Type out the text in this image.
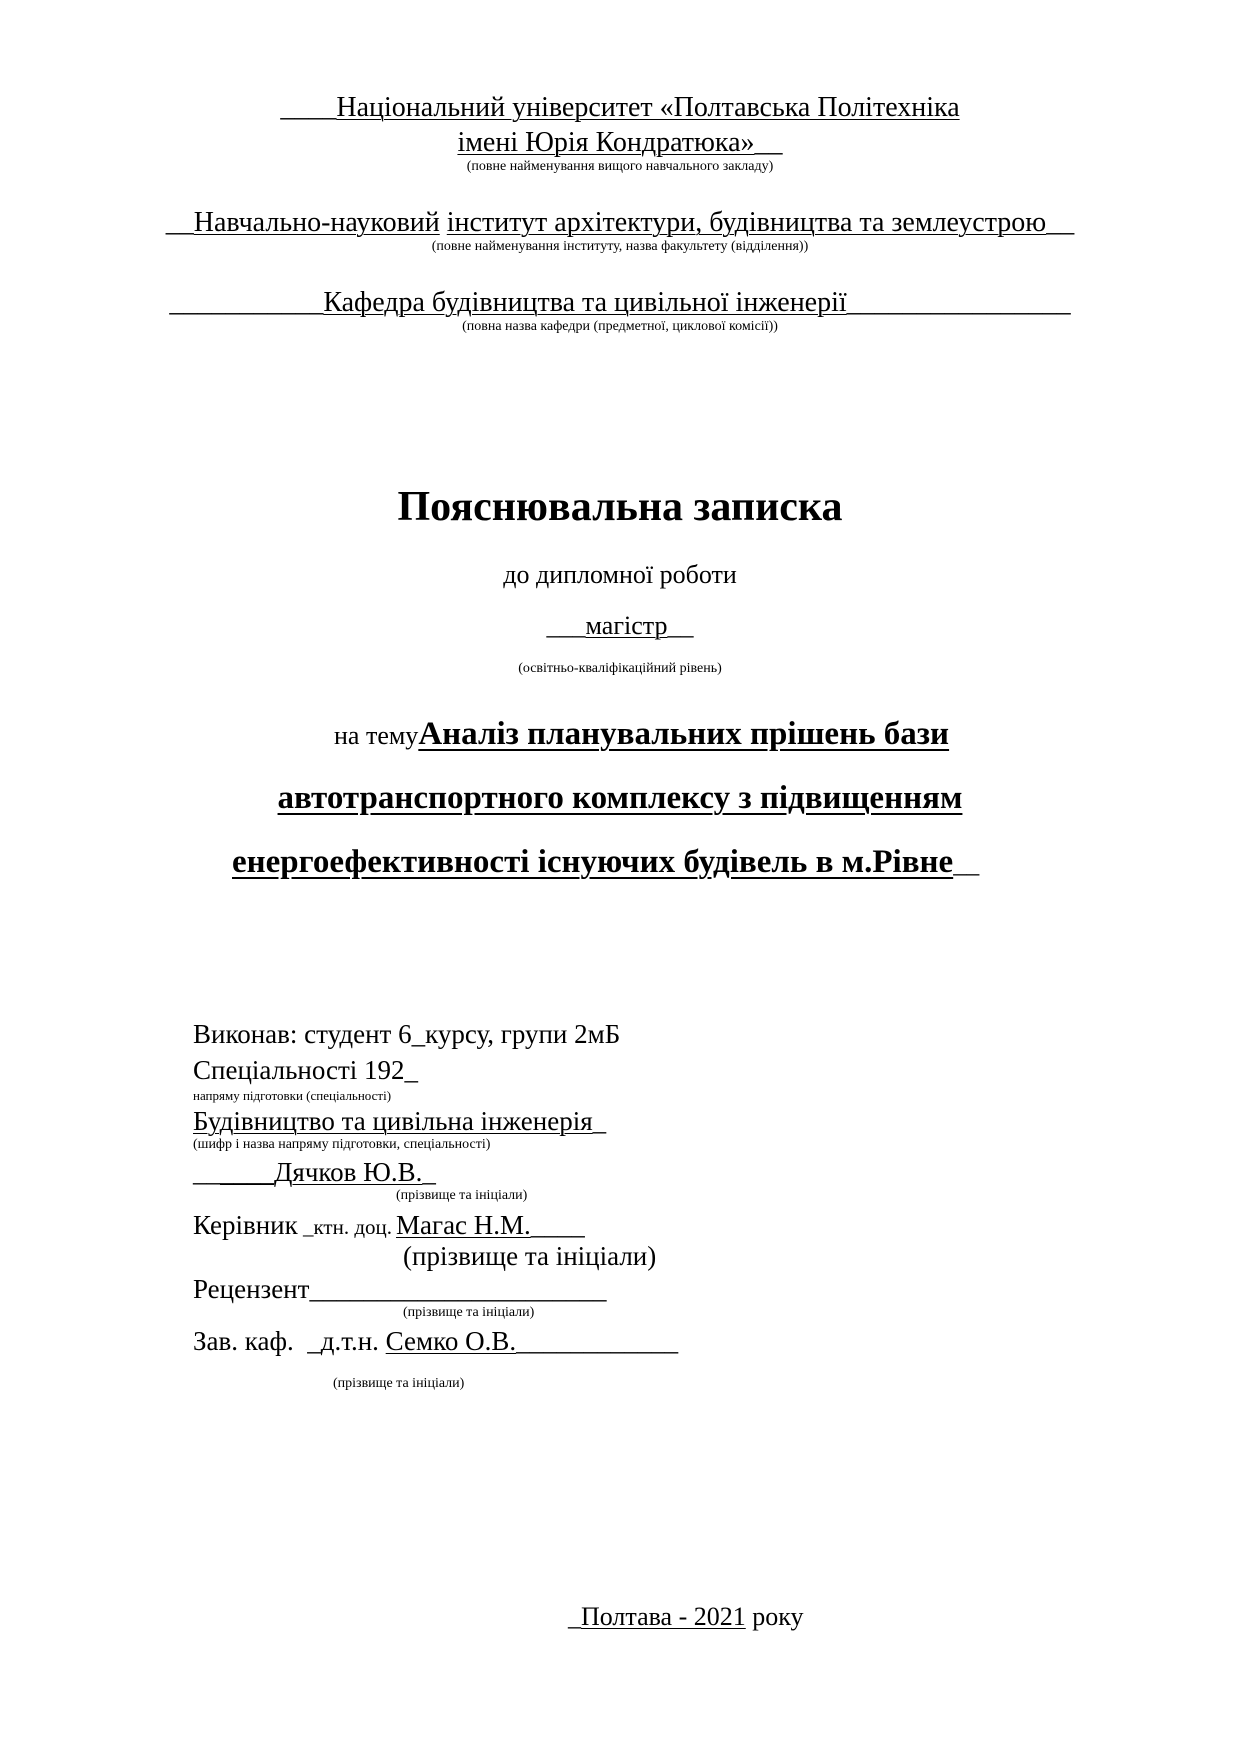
____Національний університет «Полтавська Політехніка
імені Юрія Кондратюка»__
(повне найменування вищого навчального закладу)
__Навчально-науковий інститут архітектури, будівництва та землеустрою__
(повне найменування інституту, назва факультету (відділення))
___________Кафедра будівництва та цивільної інженерії________________
(повна назва кафедри (предметної, циклової комісії))
Пояснювальна записка
до дипломної роботи
___магістр__
(освітньо-кваліфікаційний рівень)
на темуАналіз планувальних прішень бази
автотранспортного комплексу з підвищенням
енергоефективності існуючих будівель в м.Рівне__
Виконав: студент 6_курсу, групи 2мБ
Спеціальності 192_
напряму підготовки (спеціальності)
Будівництво та цивільна інженерія_
(шифр і назва напряму підготовки, спеціальності)
______Дячков Ю.В._
(прізвище та ініціали)
Керівник _ктн. доц. Магас Н.М.____
(прізвище та ініціали)
Рецензент______________________
(прізвище та ініціали)
Зав. каф.  _д.т.н. Семко О.В.____________
(прізвище та ініціали)
_Полтава - 2021 року
